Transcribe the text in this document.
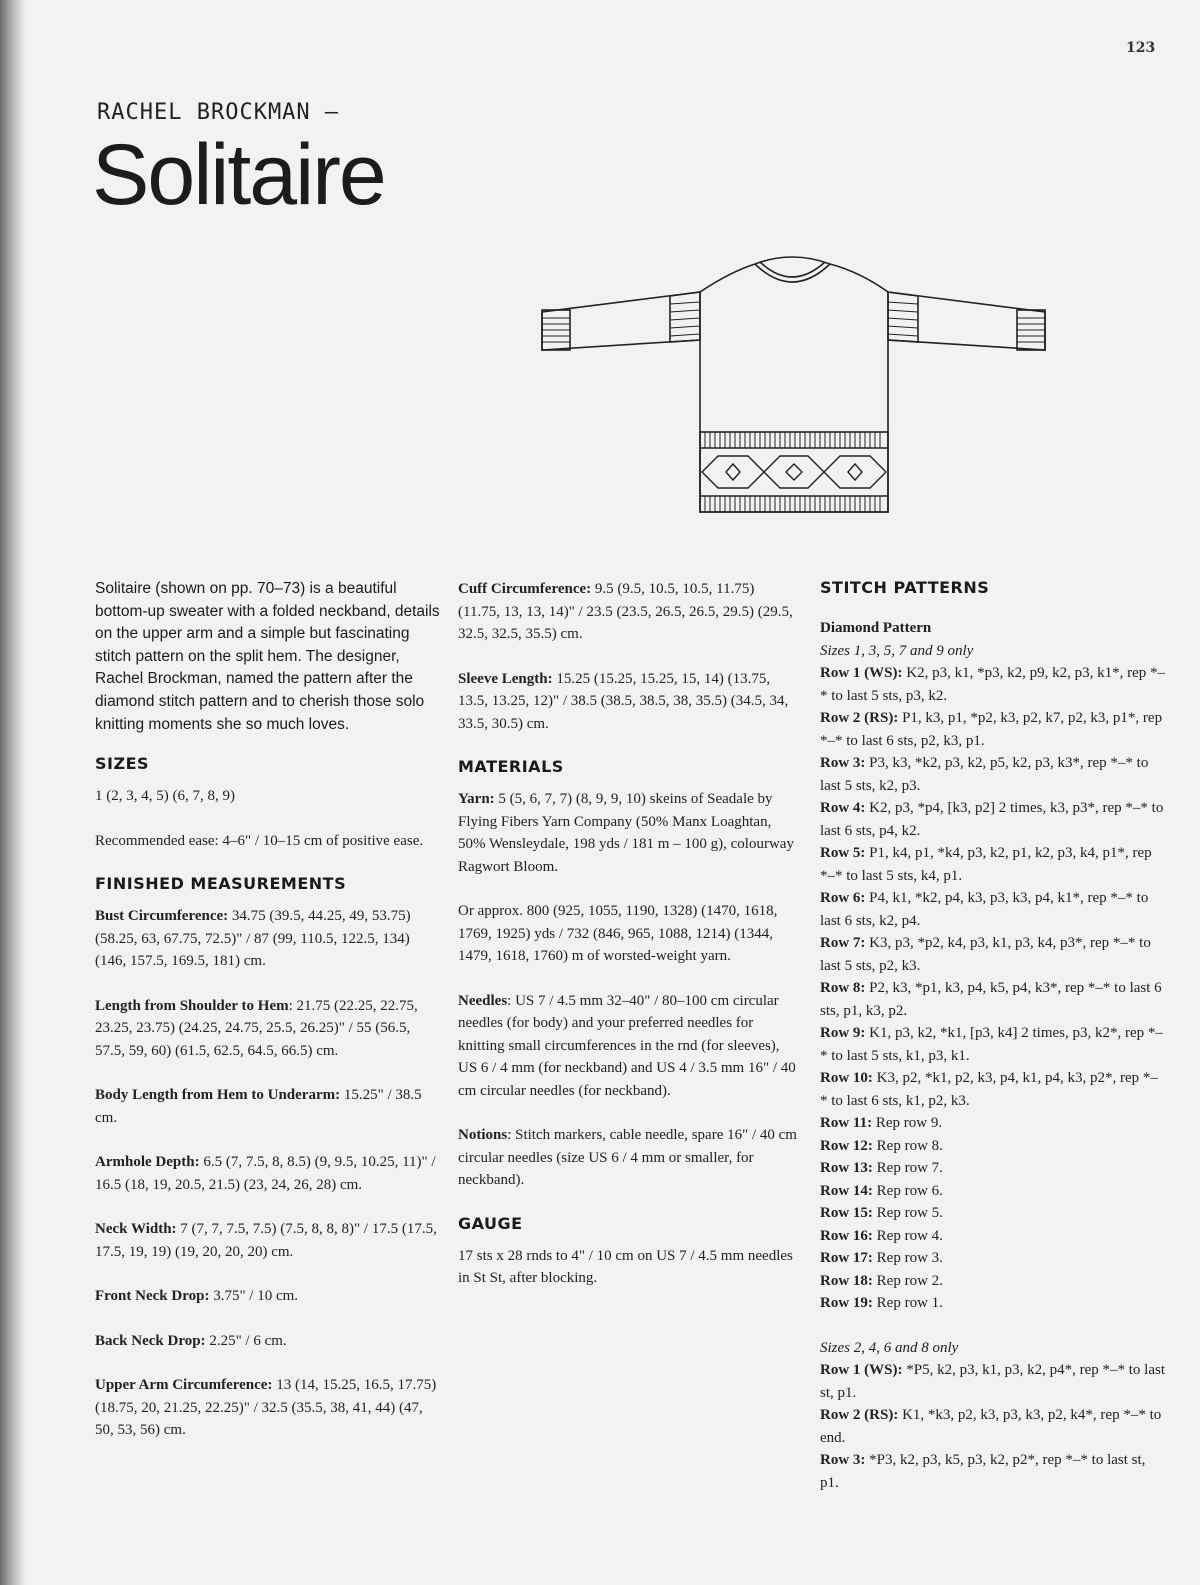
123
RACHEL BROCKMAN –
Solitaire

Solitaire (shown on pp. 70–73) is a beautiful bottom-up sweater with a folded neckband, details on the upper arm and a simple but fascinating stitch pattern on the split hem. The designer, Rachel Brockman, named the pattern after the diamond stitch pattern and to cherish those solo knitting moments she so much loves.

SIZES

1 (2, 3, 4, 5) (6, 7, 8, 9)

Recommended ease: 4–6" / 10–15 cm of positive ease.

FINISHED MEASUREMENTS

Bust Circumference: 34.75 (39.5, 44.25, 49, 53.75) (58.25, 63, 67.75, 72.5)" / 87 (99, 110.5, 122.5, 134) (146, 157.5, 169.5, 181) cm.

Length from Shoulder to Hem: 21.75 (22.25, 22.75, 23.25, 23.75) (24.25, 24.75, 25.5, 26.25)" / 55 (56.5, 57.5, 59, 60) (61.5, 62.5, 64.5, 66.5) cm.

Body Length from Hem to Underarm: 15.25" / 38.5 cm.

Armhole Depth: 6.5 (7, 7.5, 8, 8.5) (9, 9.5, 10.25, 11)" / 16.5 (18, 19, 20.5, 21.5) (23, 24, 26, 28) cm.

Neck Width: 7 (7, 7, 7.5, 7.5) (7.5, 8, 8, 8)" / 17.5 (17.5, 17.5, 19, 19) (19, 20, 20, 20) cm.

Front Neck Drop: 3.75" / 10 cm.

Back Neck Drop: 2.25" / 6 cm.

Upper Arm Circumference: 13 (14, 15.25, 16.5, 17.75) (18.75, 20, 21.25, 22.25)" / 32.5 (35.5, 38, 41, 44) (47, 50, 53, 56) cm.

Cuff Circumference: 9.5 (9.5, 10.5, 10.5, 11.75) (11.75, 13, 13, 14)" / 23.5 (23.5, 26.5, 26.5, 29.5) (29.5, 32.5, 32.5, 35.5) cm.

Sleeve Length: 15.25 (15.25, 15.25, 15, 14) (13.75, 13.5, 13.25, 12)" / 38.5 (38.5, 38.5, 38, 35.5) (34.5, 34, 33.5, 30.5) cm.

MATERIALS

Yarn: 5 (5, 6, 7, 7) (8, 9, 9, 10) skeins of Seadale by Flying Fibers Yarn Company (50% Manx Loaghtan, 50% Wensleydale, 198 yds / 181 m – 100 g), colourway Ragwort Bloom.

Or approx. 800 (925, 1055, 1190, 1328) (1470, 1618, 1769, 1925) yds / 732 (846, 965, 1088, 1214) (1344, 1479, 1618, 1760) m of worsted-weight yarn.

Needles: US 7 / 4.5 mm 32–40" / 80–100 cm circular needles (for body) and your preferred needles for knitting small circumferences in the rnd (for sleeves), US 6 / 4 mm (for neckband) and US 4 / 3.5 mm 16" / 40 cm circular needles (for neckband).

Notions: Stitch markers, cable needle, spare 16" / 40 cm circular needles (size US 6 / 4 mm or smaller, for neckband).

GAUGE

17 sts x 28 rnds to 4" / 10 cm on US 7 / 4.5 mm needles in St St, after blocking.

STITCH PATTERNS

Diamond Pattern

Sizes 1, 3, 5, 7 and 9 only

Row 1 (WS): K2, p3, k1, *p3, k2, p9, k2, p3, k1*, rep *–* to last 5 sts, p3, k2.

Row 2 (RS): P1, k3, p1, *p2, k3, p2, k7, p2, k3, p1*, rep *–* to last 6 sts, p2, k3, p1.

Row 3: P3, k3, *k2, p3, k2, p5, k2, p3, k3*, rep *–* to last 5 sts, k2, p3.

Row 4: K2, p3, *p4, [k3, p2] 2 times, k3, p3*, rep *–* to last 6 sts, p4, k2.

Row 5: P1, k4, p1, *k4, p3, k2, p1, k2, p3, k4, p1*, rep *–* to last 5 sts, k4, p1.

Row 6: P4, k1, *k2, p4, k3, p3, k3, p4, k1*, rep *–* to last 6 sts, k2, p4.

Row 7: K3, p3, *p2, k4, p3, k1, p3, k4, p3*, rep *–* to last 5 sts, p2, k3.

Row 8: P2, k3, *p1, k3, p4, k5, p4, k3*, rep *–* to last 6 sts, p1, k3, p2.

Row 9: K1, p3, k2, *k1, [p3, k4] 2 times, p3, k2*, rep *–* to last 5 sts, k1, p3, k1.

Row 10: K3, p2, *k1, p2, k3, p4, k1, p4, k3, p2*, rep *–* to last 6 sts, k1, p2, k3.

Row 11: Rep row 9.

Row 12: Rep row 8.

Row 13: Rep row 7.

Row 14: Rep row 6.

Row 15: Rep row 5.

Row 16: Rep row 4.

Row 17: Rep row 3.

Row 18: Rep row 2.

Row 19: Rep row 1.

Sizes 2, 4, 6 and 8 only

Row 1 (WS): *P5, k2, p3, k1, p3, k2, p4*, rep *–* to last st, p1.

Row 2 (RS): K1, *k3, p2, k3, p3, k3, p2, k4*, rep *–* to end.

Row 3: *P3, k2, p3, k5, p3, k2, p2*, rep *–* to last st, p1.
